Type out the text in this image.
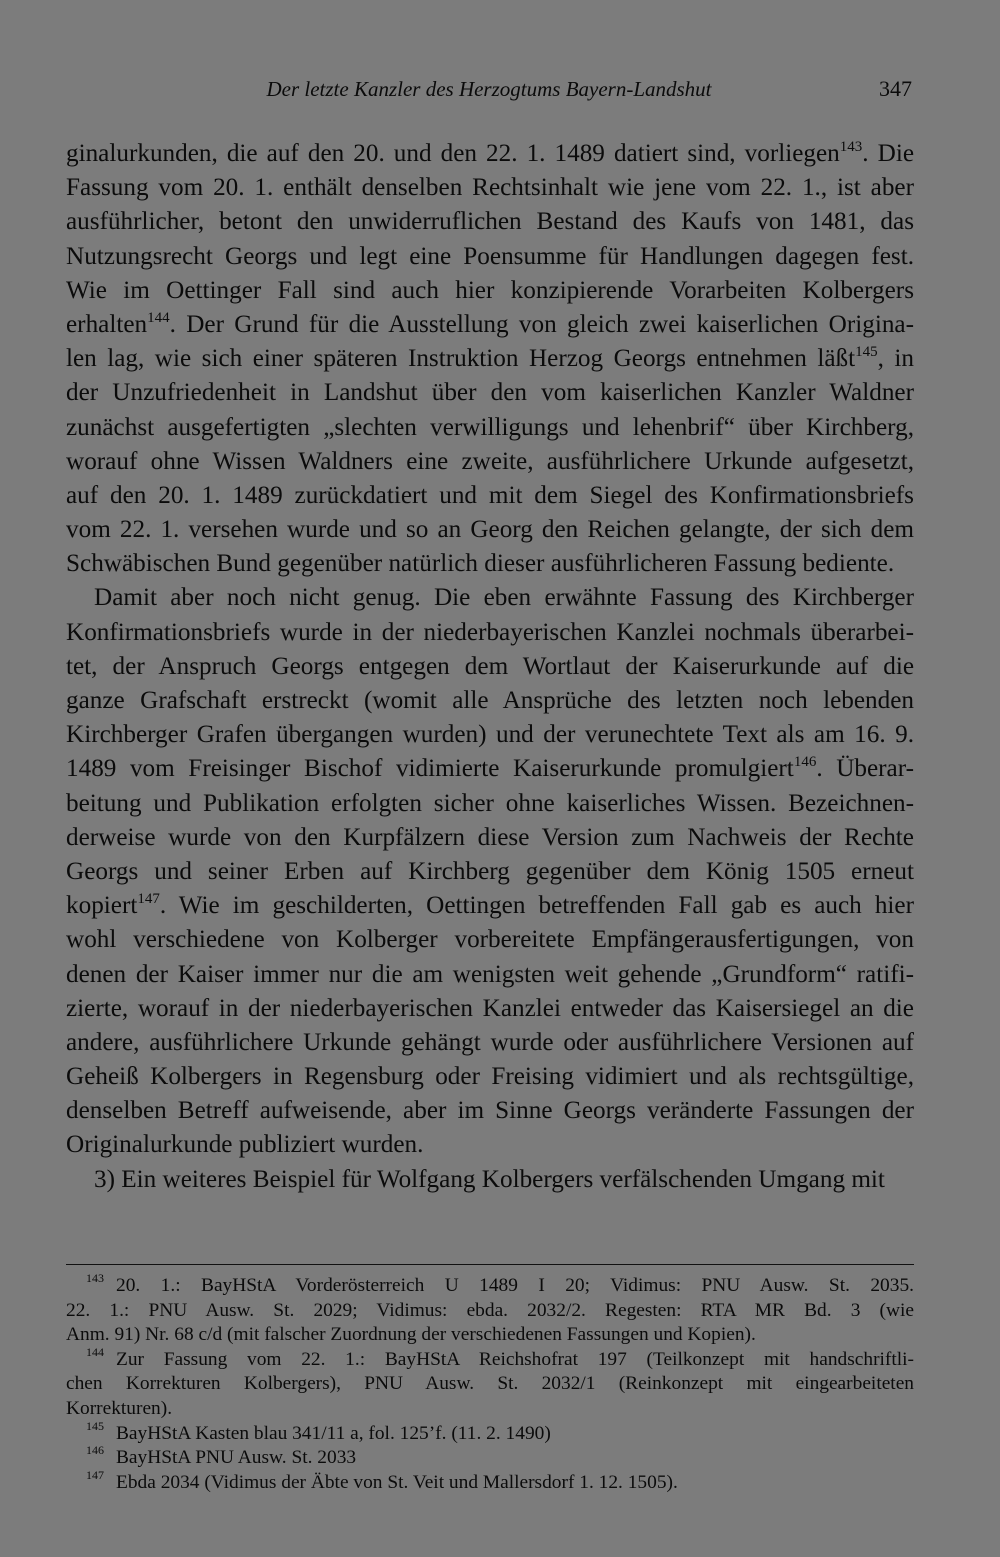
Der letzte Kanzler des Herzogtums Bayern-Landshut	347
ginalurkunden, die auf den 20. und den 22. 1. 1489 datiert sind, vorliegen$^{143}$. Die
Fassung vom 20. 1. enthält denselben Rechtsinhalt wie jene vom 22. 1., ist aber
ausführlicher, betont den unwiderruflichen Bestand des Kaufs von 1481, das
Nutzungsrecht Georgs und legt eine Poensumme für Handlungen dagegen fest.
Wie im Oettinger Fall sind auch hier konzipierende Vorarbeiten Kolbergers
erhalten$^{144}$. Der Grund für die Ausstellung von gleich zwei kaiserlichen Origina-
len lag, wie sich einer späteren Instruktion Herzog Georgs entnehmen läßt$^{145}$, in
der Unzufriedenheit in Landshut über den vom kaiserlichen Kanzler Waldner
zunächst ausgefertigten „slechten verwilligungs und lehenbrif“ über Kirchberg,
worauf ohne Wissen Waldners eine zweite, ausführlichere Urkunde aufgesetzt,
auf den 20. 1. 1489 zurückdatiert und mit dem Siegel des Konfirmationsbriefs
vom 22. 1. versehen wurde und so an Georg den Reichen gelangte, der sich dem
Schwäbischen Bund gegenüber natürlich dieser ausführlicheren Fassung bediente.
Damit aber noch nicht genug. Die eben erwähnte Fassung des Kirchberger
Konfirmationsbriefs wurde in der niederbayerischen Kanzlei nochmals überarbei-
tet, der Anspruch Georgs entgegen dem Wortlaut der Kaiserurkunde auf die
ganze Grafschaft erstreckt (womit alle Ansprüche des letzten noch lebenden
Kirchberger Grafen übergangen wurden) und der verunechtete Text als am 16. 9.
1489 vom Freisinger Bischof vidimierte Kaiserurkunde promulgiert$^{146}$. Überar-
beitung und Publikation erfolgten sicher ohne kaiserliches Wissen. Bezeichnen-
derweise wurde von den Kurpfälzern diese Version zum Nachweis der Rechte
Georgs und seiner Erben auf Kirchberg gegenüber dem König 1505 erneut
kopiert$^{147}$. Wie im geschilderten, Oettingen betreffenden Fall gab es auch hier
wohl verschiedene von Kolberger vorbereitete Empfängerausfertigungen, von
denen der Kaiser immer nur die am wenigsten weit gehende „Grundform“ ratifi-
zierte, worauf in der niederbayerischen Kanzlei entweder das Kaisersiegel an die
andere, ausführlichere Urkunde gehängt wurde oder ausführlichere Versionen auf
Geheiß Kolbergers in Regensburg oder Freising vidimiert und als rechtsgültige,
denselben Betreff aufweisende, aber im Sinne Georgs veränderte Fassungen der
Originalurkunde publiziert wurden.
3) Ein weiteres Beispiel für Wolfgang Kolbergers verfälschenden Umgang mit
143 20. 1.: BayHStA Vorderösterreich U 1489 I 20; Vidimus: PNU Ausw. St. 2035.
22. 1.: PNU Ausw. St. 2029; Vidimus: ebda. 2032/2. Regesten: RTA MR Bd. 3 (wie
Anm. 91) Nr. 68 c/d (mit falscher Zuordnung der verschiedenen Fassungen und Kopien).
144 Zur Fassung vom 22. 1.: BayHStA Reichshofrat 197 (Teilkonzept mit handschriftli-
chen Korrekturen Kolbergers), PNU Ausw. St. 2032/1 (Reinkonzept mit eingearbeiteten
Korrekturen).
145 BayHStA Kasten blau 341/11 a, fol. 125’f. (11. 2. 1490)
146 BayHStA PNU Ausw. St. 2033
147 Ebda 2034 (Vidimus der Äbte von St. Veit und Mallersdorf 1. 12. 1505).
